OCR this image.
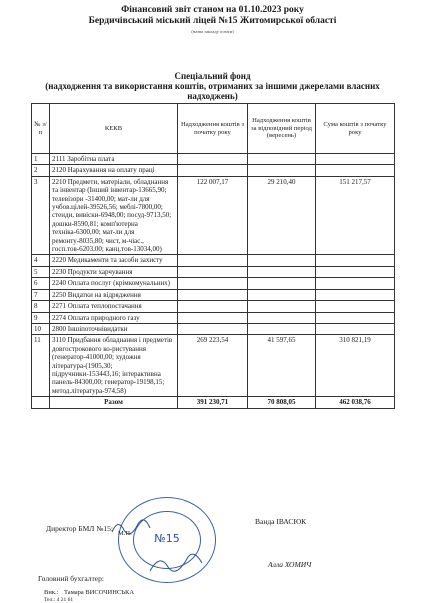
Фінансовий звіт станом на 01.10.2023 року
Бердичівський міський ліцей №15 Житомирської області
(назва закладу освіти)
Спеціальний фонд
(надходження та використання коштів, отриманих за іншими джерелами власних
надходжень)
№ з/п	КЕКВ	Надходження коштів з початку року	Надходження коштів за відповідний період (вересень)	Сума коштів з початку року
1	2111 Заробітна плата			
2	2120 Нарахування на оплату праці			
3	2210 Предмети, матеріали, обладнання та інвентар (Інший інвентар-13665,90; телевізори -31400,00; мат-ли для учбов.цілей-39526,56; меблі-7800,00; стенди, вивіски-6948,00; посуд-9713,50; дошки-8590,81; комп'ютерна техніка-6300,00; мат-ли для ремонту-8035,80; чист, м-чіас., госп.тов-6203,00; канц.тов-13034,00)	122 007,17	29 210,40	151 217,57
4	2220 Медикаменти та засоби захисту			
5	2230 Продукти харчування			
6	2240 Оплата послуг (крімкомунальних)			
7	2250 Видатки на відрядження			
8	2271 Оплата теплопостачання			
9	2274 Оплата природного газу			
10	2800 Іншіпоточнівидатки			
11	3110 Придбання обладнання і предметів довгострокового ко-ристування (генератор-41000,00; художня література-(1905,30; підручники-153443,16; інтерактивна панель-84300,00; генератор-19198,15; метод.література-974,58)	269 223,54	41 597,65	310 821,19
	Разом	391 230,71	70 808,05	462 038,76
№15
Директор БМЛ №15:
М.П.
Ванда ІВАСЮК
Головний бухгалтер:
Алла ХОМИЧ
Вик.: Тамара ВИСОЧИНСЬКА
Тел.: 4 21 61
